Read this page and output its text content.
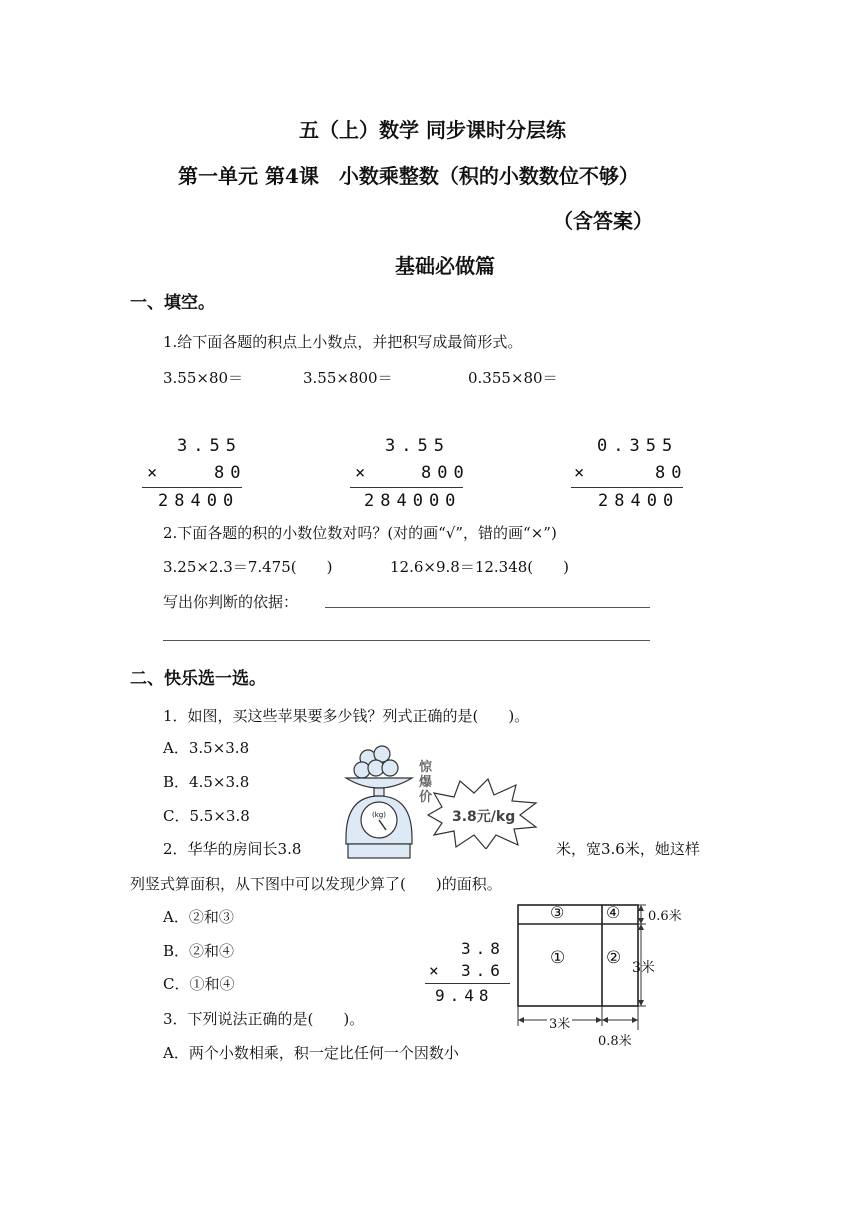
五（上）数学 同步课时分层练
第一单元 第4课　小数乘整数（积的小数数位不够）
（含答案）
基础必做篇
一、填空。
1.给下面各题的积点上小数点，并把积写成最简形式。
3.55×80＝	3.55×800＝	0.355×80＝
3.55
×	80
28400
3.55
×	800
284000
0.355
×	80
28400
2.下面各题的积的小数位数对吗？(对的画“√”，错的画“×”)
3.25×2.3＝7.475(　　)	12.6×9.8＝12.348(　　)
写出你判断的依据：
二、快乐选一选。
1．如图，买这些苹果要多少钱？列式正确的是(　　)。
A．3.5×3.8
B．4.5×3.8
C．5.5×3.8	(kg)
惊爆价
3.8元/kg
2．华华的房间长3.8	米，宽3.6米，她这样
列竖式算面积，从下图中可以发现少算了(　　)的面积。
A．②和③
B．②和④
C．①和④
3.8
× 3.6
9.48
③	④
① ②
0.6米
3米
3米
0.8米
3．下列说法正确的是(　　)。
A．两个小数相乘，积一定比任何一个因数小
